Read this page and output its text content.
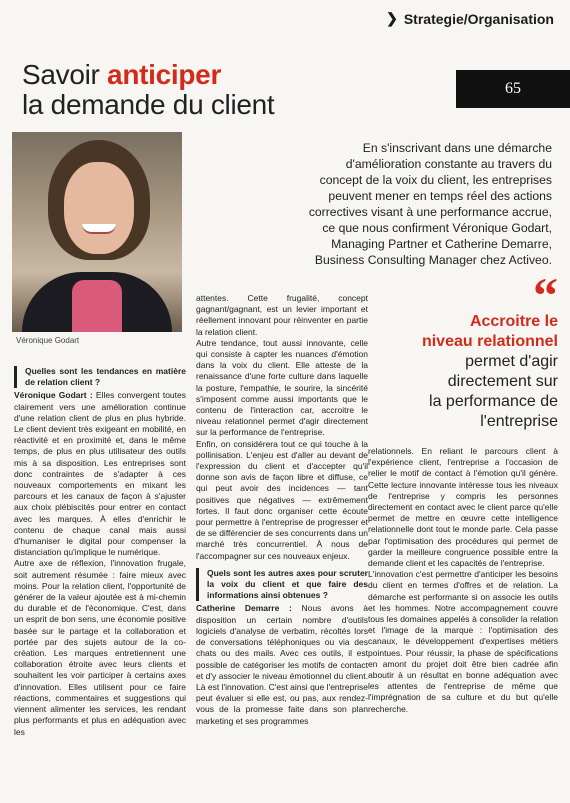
❯ Strategie/Organisation
65
Savoir anticiper
la demande du client
Véronique Godart

En s'inscrivant dans une démarche

d'amélioration constante au travers du

concept de la voix du client, les entreprises

peuvent mener en temps réel des actions

correctives visant à une performance accrue,

ce que nous confirment Véronique Godart,

Managing Partner et Catherine Demarre,

Business Consulting Manager chez Activeo.

“
Accroitre le
niveau relationnel
permet d'agir
directement sur
la performance de
l'entreprise
Quelles sont les tendances en matière de relation client ?

Véronique Godart : Elles convergent toutes clairement vers une amélioration continue d'une relation client de plus en plus hybride. Le client devient très exigeant en mobilité, en réactivité et en proximité et, dans le même temps, de plus en plus utilisateur des outils mis à sa disposition. Les entreprises sont donc contraintes de s'adapter à ces nouveaux comportements en mixant les parcours et les canaux de façon à s'ajuster aux choix plébiscités pour entrer en contact avec les marques. À elles d'enrichir le contenu de chaque canal mais aussi d'humaniser le digital pour compenser la distanciation qu'implique le numérique.

Autre axe de réflexion, l'innovation frugale, soit autrement résumée : faire mieux avec moins. Pour la relation client, l'opportunité de générer de la valeur ajoutée est à mi-chemin du durable et de l'économique. C'est, dans un esprit de bon sens, une économie positive basée sur le partage et la collaboration et portée par des sujets autour de la co-création. Les marques entretiennent une collaboration étroite avec leurs clients et souhaitent les voir participer à certains axes d'innovation. Elles utilisent pour ce faire réactions, commentaires et suggestions qui viennent alimenter les services, les rendant plus performants et plus en adéquation avec les

attentes. Cette frugalité, concept gagnant/gagnant, est un levier important et réellement innovant pour réinventer en partie la relation client.

Autre tendance, tout aussi innovante, celle qui consiste à capter les nuances d'émotion dans la voix du client. Elle atteste de la renaissance d'une forte culture dans laquelle la posture, l'empathie, le sourire, la sincérité s'imposent comme aussi importants que le contenu de l'interaction car, accroitre le niveau relationnel permet d'agir directement sur la performance de l'entreprise.

Enfin, on considérera tout ce qui touche à la pollinisation. L'enjeu est d'aller au devant de l'expression du client et d'accepter qu'il donne son avis de façon libre et diffuse, ce qui peut avoir des incidences — tant positives que négatives — extrêmement fortes. Il faut donc organiser cette écoute pour permettre à l'entreprise de progresser et de se différencier de ses concurrents dans un marché très concurrentiel. À nous de l'accompagner sur ces nouveaux enjeux.

Quels sont les autres axes pour scruter la voix du client et que faire des informations ainsi obtenues ?

Catherine Demarre : Nous avons à disposition un certain nombre d'outils logiciels d'analyse de verbatim, récoltés lors de conversations téléphoniques ou via des chats ou des mails. Avec ces outils, il est possible de catégoriser les motifs de contact et d'y associer le niveau émotionnel du client. Là est l'innovation. C'est ainsi que l'entreprise peut évaluer si elle est, ou pas, aux rendez-vous de la promesse faite dans son plan marketing et ses programmes

relationnels. En reliant le parcours client à l'expérience client, l'entreprise a l'occasion de relier le motif de contact à l'émotion qu'il génère. Cette lecture innovante intéresse tous les niveaux de l'entreprise y compris les personnes directement en contact avec le client parce qu'elle permet de mettre en œuvre cette intelligence relationnelle dont tout le monde parle. Cela passe par l'optimisation des procédures qui permet de garder la meilleure congruence possible entre la demande client et les capacités de l'entreprise.

L'innovation c'est permettre d'anticiper les besoins du client en termes d'offres et de relation. La démarche est performante si on associe les outils et les hommes. Notre accompagnement couvre tous les domaines appelés à consolider la relation et l'image de la marque : l'optimisation des canaux, le développement d'expertises métiers pointues. Pour réussir, la phase de spécifications en amont du projet doit être bien cadrée afin aboutir à un résultat en bonne adéquation avec les attentes de l'entreprise de même que l'imprégnation de sa culture et du but qu'elle recherche.
